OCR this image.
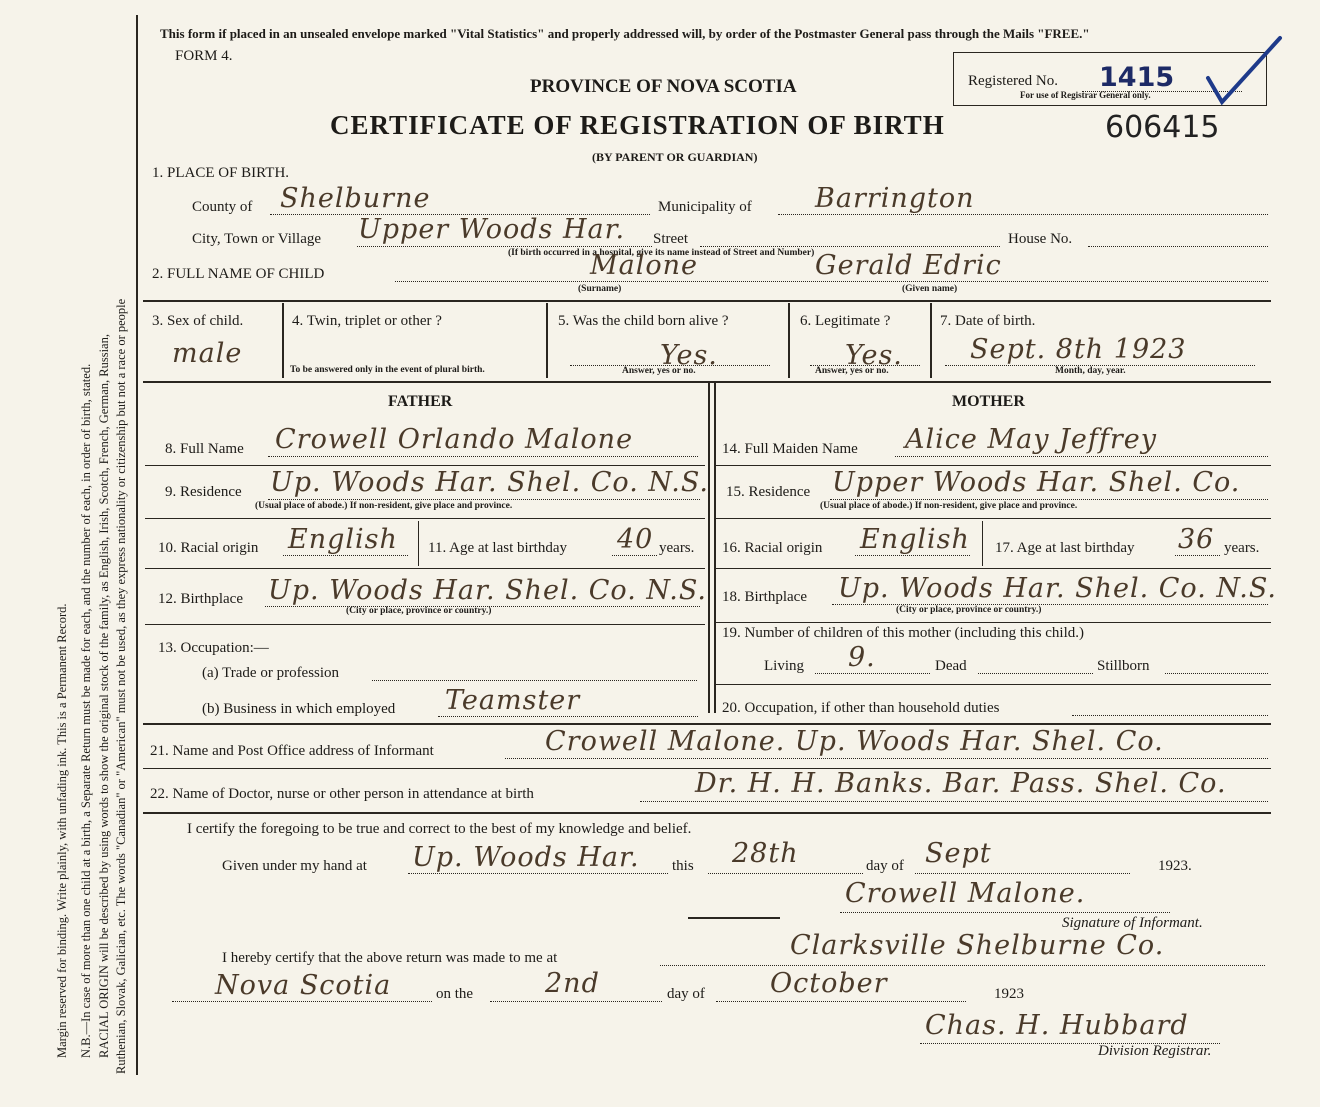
Margin reserved for binding. Write plainly, with unfading ink. This is a Permanent Record. N.B.—In case of more than one child at a birth, a Separate Return must be made for each, and the number of each, in order of birth, stated. RACIAL ORIGIN will be described by using words to show the original stock of the family, as English, Irish, Scotch, French, German, Russian, Ruthenian, Slovak, Galician, etc. The words "Canadian" or "American" must not be used, as they express nationality or citizenship but not a race or people
This form if placed in an unsealed envelope marked "Vital Statistics" and properly addressed will, by order of the Postmaster General pass through the Mails "FREE."
FORM 4.
PROVINCE OF NOVA SCOTIA
CERTIFICATE OF REGISTRATION OF BIRTH	606415
(BY PARENT OR GUARDIAN)
Registered No. 1415
For use of Registrar General only.
1. PLACE OF BIRTH.
County of Shelburne	Municipality of Barrington
City, Town or Village Upper Woods Har. Street	House No.
(If birth occurred in a hospital, give its name instead of Street and Number)
2. FULL NAME OF CHILD	Malone	Gerald Edric
(Surname)	(Given name)
3. Sex of child.
male
4. Twin, triplet or other ?
To be answered only in the event of plural birth.
5. Was the child born alive ?
Yes.
Answer, yes or no.
6. Legitimate ?
Yes.
Answer, yes or no.
7. Date of birth.
Sept. 8th 1923
Month, day, year.
FATHER
8. Full Name Crowell Orlando Malone
9. Residence Up. Woods Har. Shel. Co. N.S.
(Usual place of abode.) If non-resident, give place and province.
10. Racial origin English 11. Age at last birthday 40 years.
12. Birthplace Up. Woods Har. Shel. Co. N.S.
(City or place, province or country.)
13. Occupation:—
(a) Trade or profession
(b) Business in which employed Teamster
MOTHER
14. Full Maiden Name Alice May Jeffrey
15. Residence Upper Woods Har. Shel. Co.
(Usual place of abode.) If non-resident, give place and province.
16. Racial origin English 17. Age at last birthday 36 years.
18. Birthplace Up. Woods Har. Shel. Co. N.S.
(City or place, province or country.)
19. Number of children of this mother (including this child.)
Living 9.	Dead	Stillborn
20. Occupation, if other than household duties
21. Name and Post Office address of Informant	Crowell Malone. Up. Woods Har. Shel. Co.
22. Name of Doctor, nurse or other person in attendance at birth	Dr. H. H. Banks. Bar. Pass. Shel. Co.
I certify the foregoing to be true and correct to the best of my knowledge and belief.
Given under my hand at Up. Woods Har. this 28th	day of Sept	1923.
Crowell Malone.
Signature of Informant.
I hereby certify that the above return was made to me at	Clarksville Shelburne Co.
Nova Scotia	on the	2nd	day of October	1923
Chas. H. Hubbard
Division Registrar.
